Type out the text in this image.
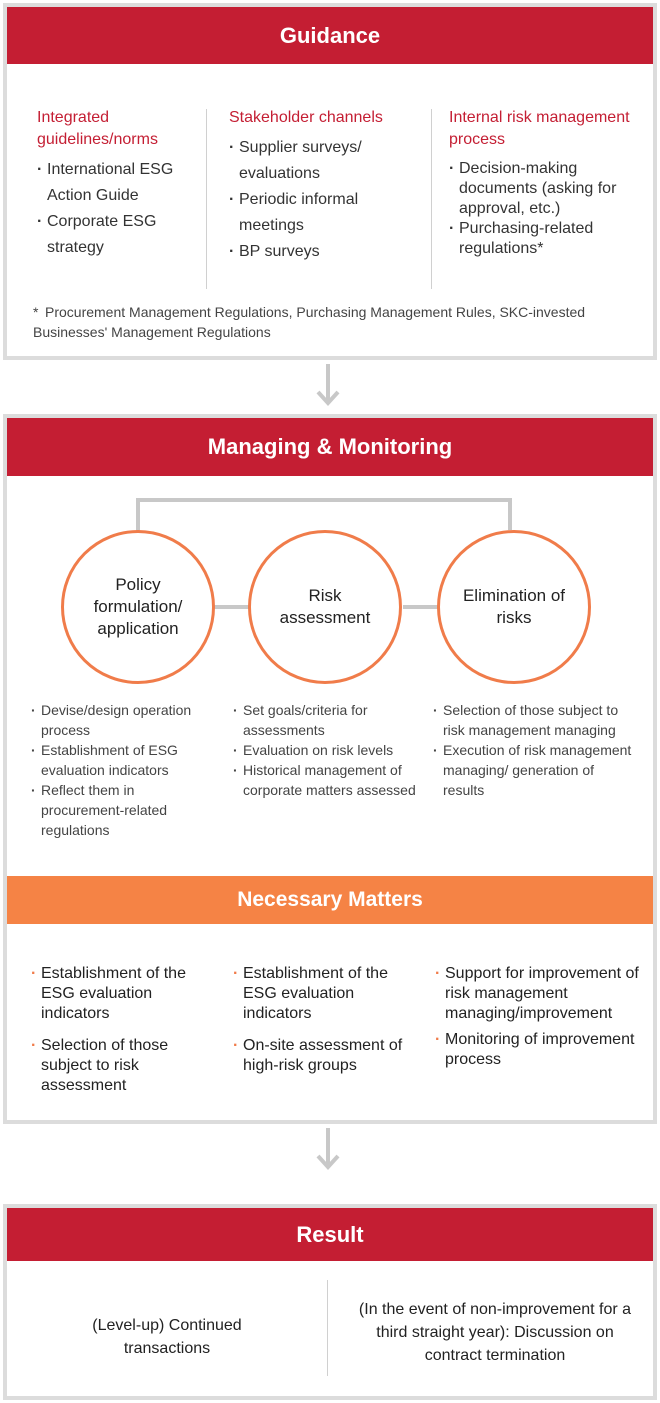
Guidance
Integrated guidelines/norms
· International ESG Action Guide
· Corporate ESG strategy
Stakeholder channels
· Supplier surveys/ evaluations
· Periodic informal meetings
· BP surveys
Internal risk management process
· Decision-making documents (asking for approval, etc.)
· Purchasing-related regulations*
* Procurement Management Regulations, Purchasing Management Rules, SKC-invested Businesses' Management Regulations
Managing & Monitoring
Policy formulation/ application
Risk assessment
Elimination of risks
· Devise/design operation process
· Establishment of ESG evaluation indicators
· Reflect them in procurement-related regulations
· Set goals/criteria for assessments
· Evaluation on risk levels
· Historical management of corporate matters assessed
· Selection of those subject to risk management managing
· Execution of risk management managing/ generation of results
Necessary Matters
· Establishment of the ESG evaluation indicators
· Selection of those subject to risk assessment
· Establishment of the ESG evaluation indicators
· On-site assessment of high-risk groups
· Support for improvement of risk management managing/improvement
· Monitoring of improvement process
Result
(Level-up) Continued transactions
(In the event of non-improvement for a third straight year): Discussion on contract termination
